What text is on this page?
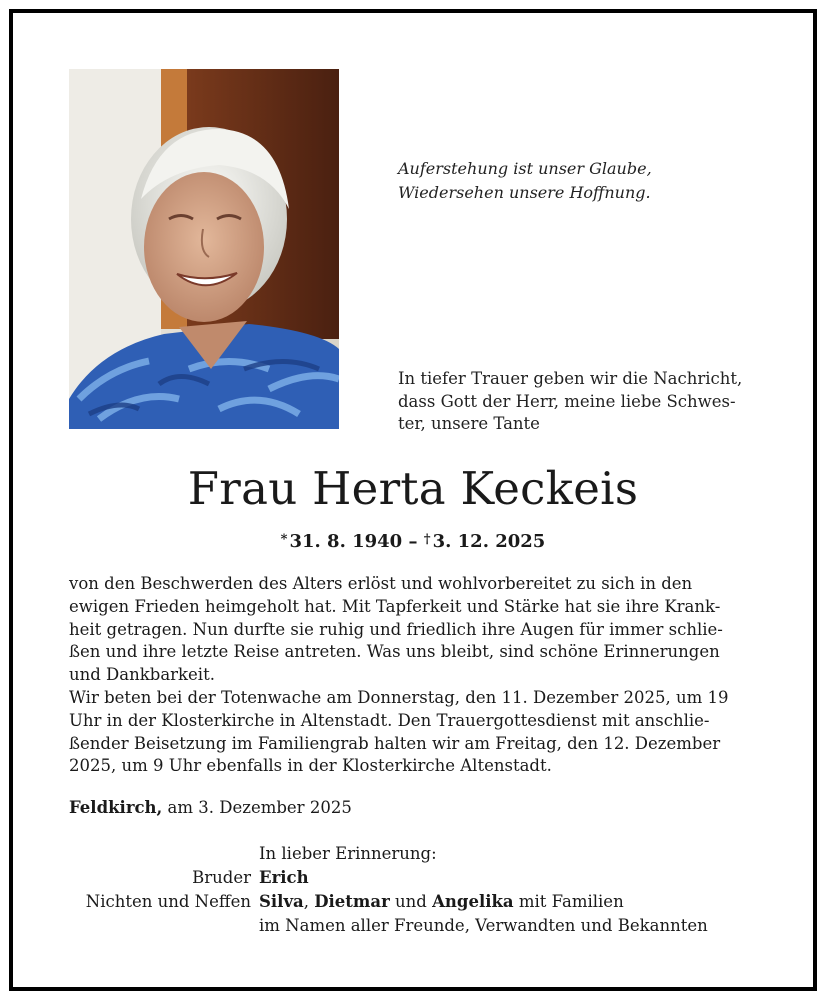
Auferstehung ist unser Glaube,
Wiedersehen unsere Hoffnung.
In tiefer Trauer geben wir die Nachricht,
dass Gott der Herr, meine liebe Schwes-
ter, unsere Tante
Frau Herta Keckeis
* 31. 8. 1940 – † 3. 12. 2025

von den Beschwerden des Alters erlöst und wohlvorbereitet zu sich in den

ewigen Frieden heimgeholt hat. Mit Tapferkeit und Stärke hat sie ihre Krank-

heit getragen. Nun durfte sie ruhig und friedlich ihre Augen für immer schlie-

ßen und ihre letzte Reise antreten. Was uns bleibt, sind schöne Erinnerungen

und Dankbarkeit.

Wir beten bei der Totenwache am Donnerstag, den 11. Dezember 2025, um 19

Uhr in der Klosterkirche in Altenstadt. Den Trauergottesdienst mit anschlie-

ßender Beisetzung im Familiengrab halten wir am Freitag, den 12. Dezember

2025, um 9 Uhr ebenfalls in der Klosterkirche Altenstadt.

Feldkirch, am 3. Dezember 2025
In lieber Erinnerung:
Bruder Erich
Nichten und Neffen Silva, Dietmar und Angelika mit Familien
im Namen aller Freunde, Verwandten und Bekannten
